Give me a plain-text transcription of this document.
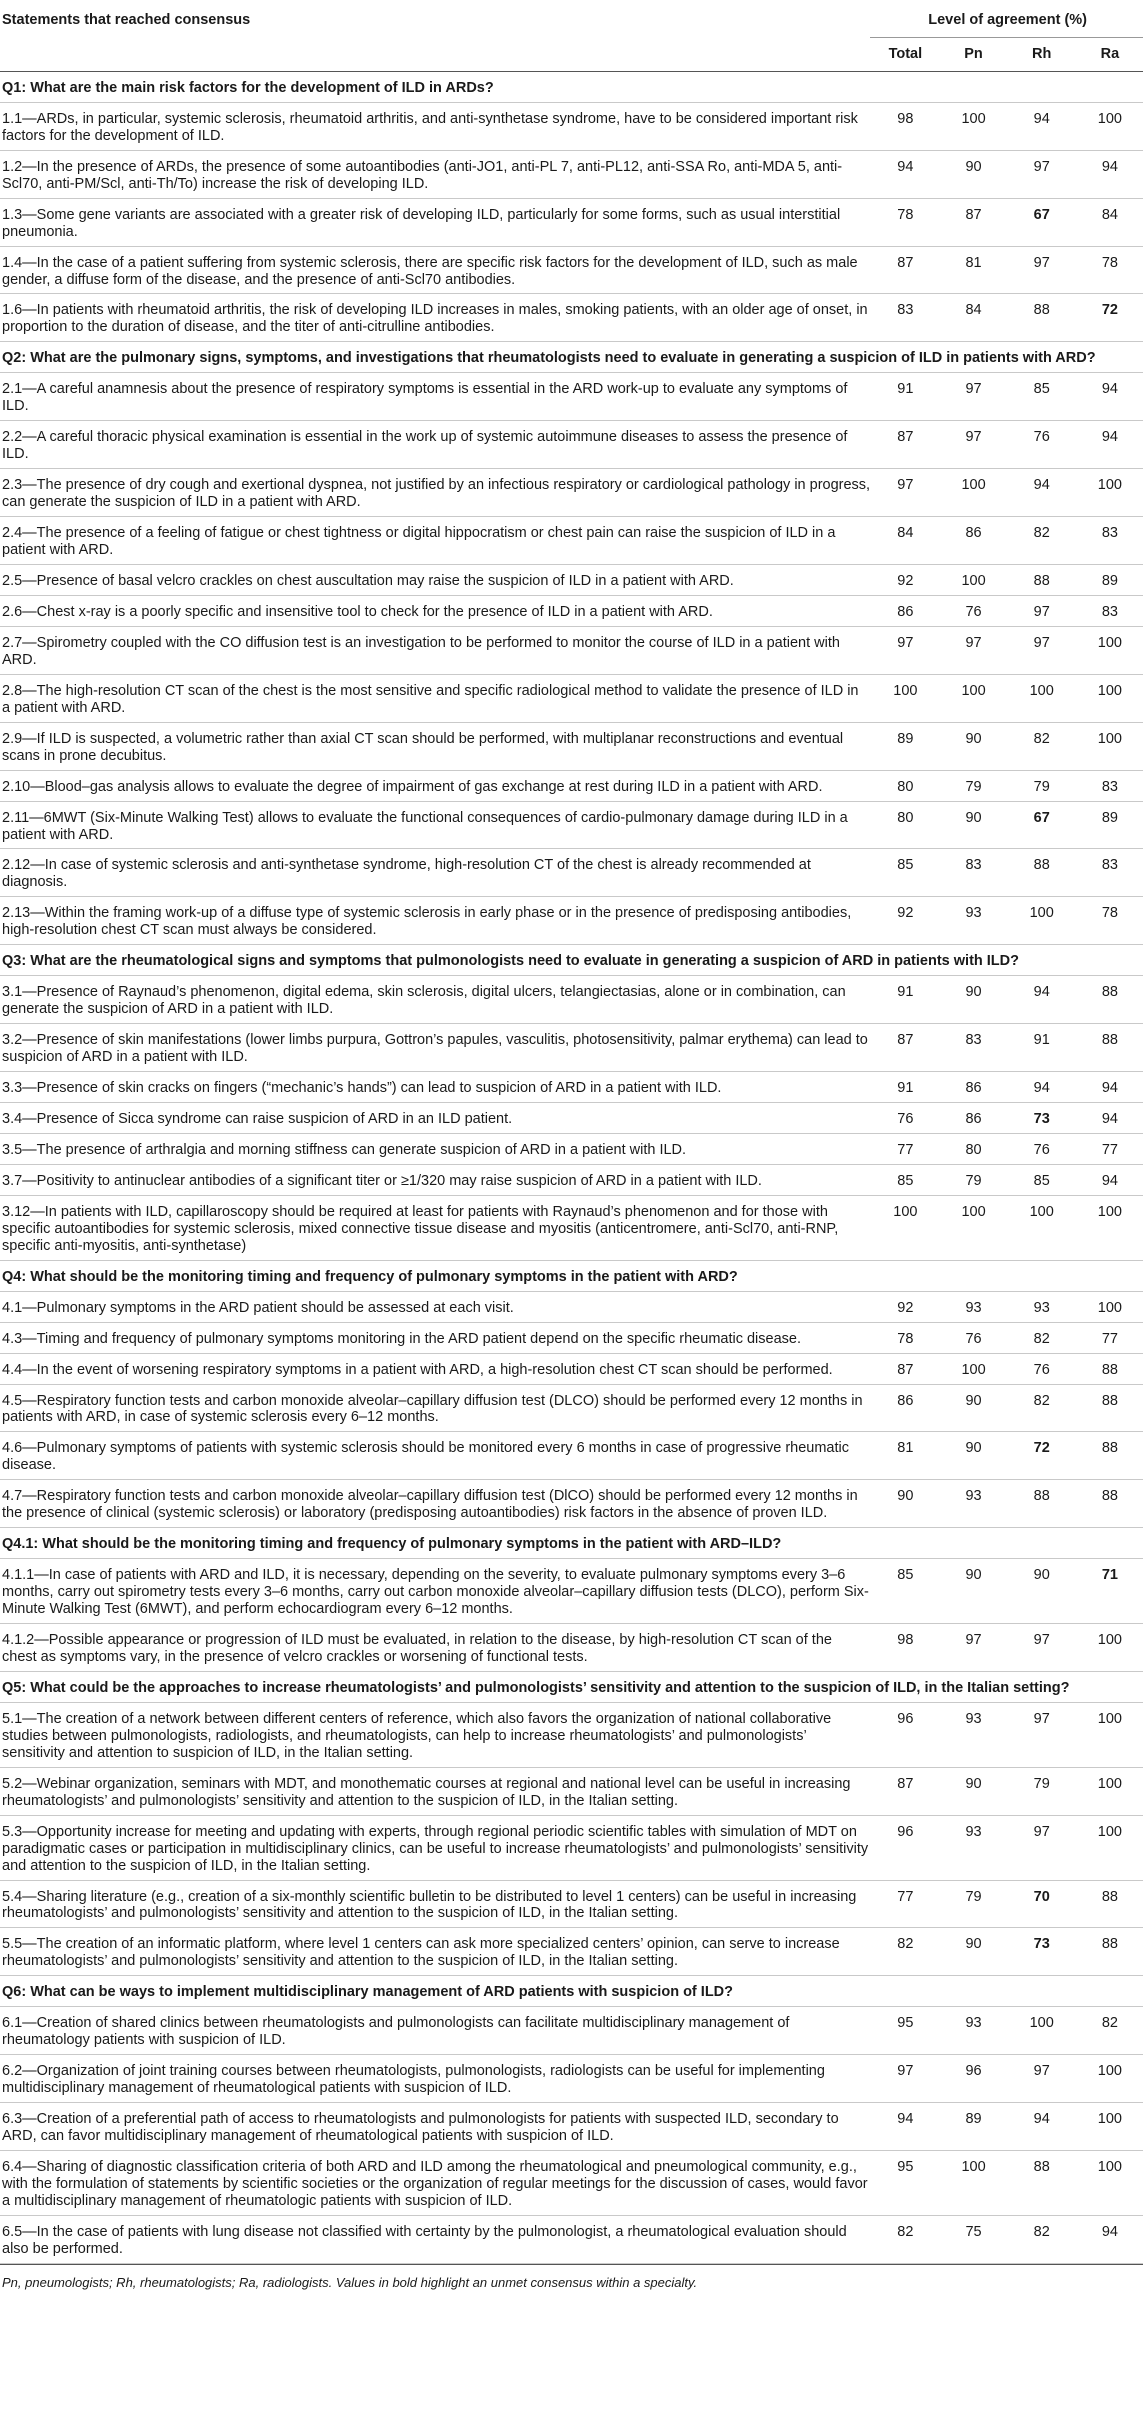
Statements that reached consensus	Level of agreement (%)			
	Total	Pn	Rh	Ra
Q1: What are the main risk factors for the development of ILD in ARDs?				
1.1—ARDs, in particular, systemic sclerosis, rheumatoid arthritis, and anti-synthetase syndrome, have to be considered important risk factors for the development of ILD.	98	100	94	100
1.2—In the presence of ARDs, the presence of some autoantibodies (anti-JO1, anti-PL 7, anti-PL12, anti-SSA Ro, anti-MDA 5, anti-Scl70, anti-PM/Scl, anti-Th/To) increase the risk of developing ILD.	94	90	97	94
1.3—Some gene variants are associated with a greater risk of developing ILD, particularly for some forms, such as usual interstitial pneumonia.	78	87	67	84
1.4—In the case of a patient suffering from systemic sclerosis, there are specific risk factors for the development of ILD, such as male gender, a diffuse form of the disease, and the presence of anti-Scl70 antibodies.	87	81	97	78
1.6—In patients with rheumatoid arthritis, the risk of developing ILD increases in males, smoking patients, with an older age of onset, in proportion to the duration of disease, and the titer of anti-citrulline antibodies.	83	84	88	72
Q2: What are the pulmonary signs, symptoms, and investigations that rheumatologists need to evaluate in generating a suspicion of ILD in patients with ARD?				
2.1—A careful anamnesis about the presence of respiratory symptoms is essential in the ARD work-up to evaluate any symptoms of ILD.	91	97	85	94
2.2—A careful thoracic physical examination is essential in the work up of systemic autoimmune diseases to assess the presence of ILD.	87	97	76	94
2.3—The presence of dry cough and exertional dyspnea, not justified by an infectious respiratory or cardiological pathology in progress, can generate the suspicion of ILD in a patient with ARD.	97	100	94	100
2.4—The presence of a feeling of fatigue or chest tightness or digital hippocratism or chest pain can raise the suspicion of ILD in a patient with ARD.	84	86	82	83
2.5—Presence of basal velcro crackles on chest auscultation may raise the suspicion of ILD in a patient with ARD.	92	100	88	89
2.6—Chest x-ray is a poorly specific and insensitive tool to check for the presence of ILD in a patient with ARD.	86	76	97	83
2.7—Spirometry coupled with the CO diffusion test is an investigation to be performed to monitor the course of ILD in a patient with ARD.	97	97	97	100
2.8—The high-resolution CT scan of the chest is the most sensitive and specific radiological method to validate the presence of ILD in a patient with ARD.	100	100	100	100
2.9—If ILD is suspected, a volumetric rather than axial CT scan should be performed, with multiplanar reconstructions and eventual scans in prone decubitus.	89	90	82	100
2.10—Blood–gas analysis allows to evaluate the degree of impairment of gas exchange at rest during ILD in a patient with ARD.	80	79	79	83
2.11—6MWT (Six-Minute Walking Test) allows to evaluate the functional consequences of cardio-pulmonary damage during ILD in a patient with ARD.	80	90	67	89
2.12—In case of systemic sclerosis and anti-synthetase syndrome, high-resolution CT of the chest is already recommended at diagnosis.	85	83	88	83
2.13—Within the framing work-up of a diffuse type of systemic sclerosis in early phase or in the presence of predisposing antibodies, high-resolution chest CT scan must always be considered.	92	93	100	78
Q3: What are the rheumatological signs and symptoms that pulmonologists need to evaluate in generating a suspicion of ARD in patients with ILD?				
3.1—Presence of Raynaud’s phenomenon, digital edema, skin sclerosis, digital ulcers, telangiectasias, alone or in combination, can generate the suspicion of ARD in a patient with ILD.	91	90	94	88
3.2—Presence of skin manifestations (lower limbs purpura, Gottron’s papules, vasculitis, photosensitivity, palmar erythema) can lead to suspicion of ARD in a patient with ILD.	87	83	91	88
3.3—Presence of skin cracks on fingers (“mechanic’s hands”) can lead to suspicion of ARD in a patient with ILD.	91	86	94	94
3.4—Presence of Sicca syndrome can raise suspicion of ARD in an ILD patient.	76	86	73	94
3.5—The presence of arthralgia and morning stiffness can generate suspicion of ARD in a patient with ILD.	77	80	76	77
3.7—Positivity to antinuclear antibodies of a significant titer or ≥1/320 may raise suspicion of ARD in a patient with ILD.	85	79	85	94
3.12—In patients with ILD, capillaroscopy should be required at least for patients with Raynaud’s phenomenon and for those with specific autoantibodies for systemic sclerosis, mixed connective tissue disease and myositis (anticentromere, anti-Scl70, anti-RNP, specific anti-myositis, anti-synthetase)	100	100	100	100
Q4: What should be the monitoring timing and frequency of pulmonary symptoms in the patient with ARD?				
4.1—Pulmonary symptoms in the ARD patient should be assessed at each visit.	92	93	93	100
4.3—Timing and frequency of pulmonary symptoms monitoring in the ARD patient depend on the specific rheumatic disease.	78	76	82	77
4.4—In the event of worsening respiratory symptoms in a patient with ARD, a high-resolution chest CT scan should be performed.	87	100	76	88
4.5—Respiratory function tests and carbon monoxide alveolar–capillary diffusion test (DLCO) should be performed every 12 months in patients with ARD, in case of systemic sclerosis every 6–12 months.	86	90	82	88
4.6—Pulmonary symptoms of patients with systemic sclerosis should be monitored every 6 months in case of progressive rheumatic disease.	81	90	72	88
4.7—Respiratory function tests and carbon monoxide alveolar–capillary diffusion test (DlCO) should be performed every 12 months in the presence of clinical (systemic sclerosis) or laboratory (predisposing autoantibodies) risk factors in the absence of proven ILD.	90	93	88	88
Q4.1: What should be the monitoring timing and frequency of pulmonary symptoms in the patient with ARD–ILD?				
4.1.1—In case of patients with ARD and ILD, it is necessary, depending on the severity, to evaluate pulmonary symptoms every 3–6 months, carry out spirometry tests every 3–6 months, carry out carbon monoxide alveolar–capillary diffusion tests (DLCO), perform Six-Minute Walking Test (6MWT), and perform echocardiogram every 6–12 months.	85	90	90	71
4.1.2—Possible appearance or progression of ILD must be evaluated, in relation to the disease, by high-resolution CT scan of the chest as symptoms vary, in the presence of velcro crackles or worsening of functional tests.	98	97	97	100
Q5: What could be the approaches to increase rheumatologists’ and pulmonologists’ sensitivity and attention to the suspicion of ILD, in the Italian setting?				
5.1—The creation of a network between different centers of reference, which also favors the organization of national collaborative studies between pulmonologists, radiologists, and rheumatologists, can help to increase rheumatologists’ and pulmonologists’ sensitivity and attention to suspicion of ILD, in the Italian setting.	96	93	97	100
5.2—Webinar organization, seminars with MDT, and monothematic courses at regional and national level can be useful in increasing rheumatologists’ and pulmonologists’ sensitivity and attention to the suspicion of ILD, in the Italian setting.	87	90	79	100
5.3—Opportunity increase for meeting and updating with experts, through regional periodic scientific tables with simulation of MDT on paradigmatic cases or participation in multidisciplinary clinics, can be useful to increase rheumatologists’ and pulmonologists’ sensitivity and attention to the suspicion of ILD, in the Italian setting.	96	93	97	100
5.4—Sharing literature (e.g., creation of a six-monthly scientific bulletin to be distributed to level 1 centers) can be useful in increasing rheumatologists’ and pulmonologists’ sensitivity and attention to the suspicion of ILD, in the Italian setting.	77	79	70	88
5.5—The creation of an informatic platform, where level 1 centers can ask more specialized centers’ opinion, can serve to increase rheumatologists’ and pulmonologists’ sensitivity and attention to the suspicion of ILD, in the Italian setting.	82	90	73	88
Q6: What can be ways to implement multidisciplinary management of ARD patients with suspicion of ILD?				
6.1—Creation of shared clinics between rheumatologists and pulmonologists can facilitate multidisciplinary management of rheumatology patients with suspicion of ILD.	95	93	100	82
6.2—Organization of joint training courses between rheumatologists, pulmonologists, radiologists can be useful for implementing multidisciplinary management of rheumatological patients with suspicion of ILD.	97	96	97	100
6.3—Creation of a preferential path of access to rheumatologists and pulmonologists for patients with suspected ILD, secondary to ARD, can favor multidisciplinary management of rheumatological patients with suspicion of ILD.	94	89	94	100
6.4—Sharing of diagnostic classification criteria of both ARD and ILD among the rheumatological and pneumological community, e.g., with the formulation of statements by scientific societies or the organization of regular meetings for the discussion of cases, would favor a multidisciplinary management of rheumatologic patients with suspicion of ILD.	95	100	88	100
6.5—In the case of patients with lung disease not classified with certainty by the pulmonologist, a rheumatological evaluation should also be performed.	82	75	82	94
Pn, pneumologists; Rh, rheumatologists; Ra, radiologists. Values in bold highlight an unmet consensus within a specialty.
